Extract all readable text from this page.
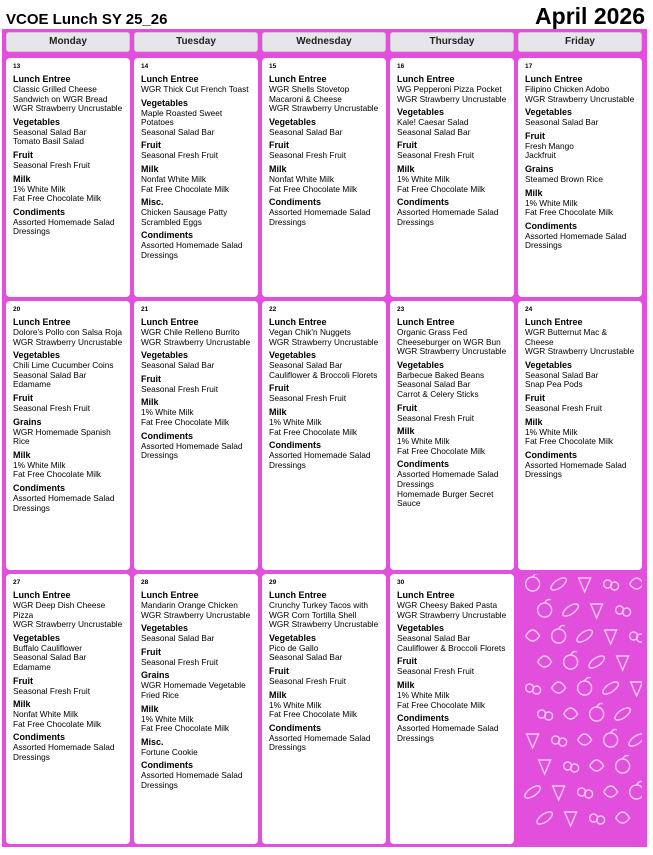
VCOE Lunch SY 25_26	April 2026
Monday	Tuesday	Wednesday	Thursday	Friday
13
Lunch Entree
Classic Grilled Cheese Sandwich on WGR Bread
WGR Strawberry Uncrustable
Vegetables
Seasonal Salad Bar
Tomato Basil Salad
Fruit
Seasonal Fresh Fruit
Milk
1% White Milk
Fat Free Chocolate Milk
Condiments
Assorted Homemade Salad Dressings
14
Lunch Entree
WGR Thick Cut French Toast
Vegetables
Maple Roasted Sweet Potatoes
Seasonal Salad Bar
Fruit
Seasonal Fresh Fruit
Milk
Nonfat White Milk
Fat Free Chocolate Milk
Misc.
Chicken Sausage Patty
Scrambled Eggs
Condiments
Assorted Homemade Salad Dressings
15
Lunch Entree
WGR Shells Stovetop Macaroni & Cheese
WGR Strawberry Uncrustable
Vegetables
Seasonal Salad Bar
Fruit
Seasonal Fresh Fruit
Milk
Nonfat White Milk
Fat Free Chocolate Milk
Condiments
Assorted Homemade Salad Dressings
16
Lunch Entree
WG Pepperoni Pizza Pocket
WGR Strawberry Uncrustable
Vegetables
Kale! Caesar Salad
Seasonal Salad Bar
Fruit
Seasonal Fresh Fruit
Milk
1% White Milk
Fat Free Chocolate Milk
Condiments
Assorted Homemade Salad Dressings
17
Lunch Entree
Filipino Chicken Adobo
WGR Strawberry Uncrustable
Vegetables
Seasonal Salad Bar
Fruit
Fresh Mango
Jackfruit
Grains
Steamed Brown Rice
Milk
1% White Milk
Fat Free Chocolate Milk
Condiments
Assorted Homemade Salad Dressings
20
Lunch Entree
Dolore's Pollo con Salsa Roja
WGR Strawberry Uncrustable
Vegetables
Chili Lime Cucumber Coins
Seasonal Salad Bar
Edamame
Fruit
Seasonal Fresh Fruit
Grains
WGR Homemade Spanish Rice
Milk
1% White Milk
Fat Free Chocolate Milk
Condiments
Assorted Homemade Salad Dressings
21
Lunch Entree
WGR Chile Relleno Burrito
WGR Strawberry Uncrustable
Vegetables
Seasonal Salad Bar
Fruit
Seasonal Fresh Fruit
Milk
1% White Milk
Fat Free Chocolate Milk
Condiments
Assorted Homemade Salad Dressings
22
Lunch Entree
Vegan Chik'n Nuggets
WGR Strawberry Uncrustable
Vegetables
Seasonal Salad Bar
Cauliflower & Broccoli Florets
Fruit
Seasonal Fresh Fruit
Milk
1% White Milk
Fat Free Chocolate Milk
Condiments
Assorted Homemade Salad Dressings
23
Lunch Entree
Organic Grass Fed Cheeseburger on WGR Bun
WGR Strawberry Uncrustable
Vegetables
Barbecue Baked Beans
Seasonal Salad Bar
Carrot & Celery Sticks
Fruit
Seasonal Fresh Fruit
Milk
1% White Milk
Fat Free Chocolate Milk
Condiments
Assorted Homemade Salad Dressings
Homemade Burger Secret Sauce
24
Lunch Entree
WGR Butternut Mac & Cheese
WGR Strawberry Uncrustable
Vegetables
Seasonal Salad Bar
Snap Pea Pods
Fruit
Seasonal Fresh Fruit
Milk
1% White Milk
Fat Free Chocolate Milk
Condiments
Assorted Homemade Salad Dressings
27
Lunch Entree
WGR Deep Dish Cheese Pizza
WGR Strawberry Uncrustable
Vegetables
Buffalo Cauliflower
Seasonal Salad Bar
Edamame
Fruit
Seasonal Fresh Fruit
Milk
Nonfat White Milk
Fat Free Chocolate Milk
Condiments
Assorted Homemade Salad Dressings
28
Lunch Entree
Mandarin Orange Chicken
WGR Strawberry Uncrustable
Vegetables
Seasonal Salad Bar
Fruit
Seasonal Fresh Fruit
Grains
WGR Homemade Vegetable Fried Rice
Milk
1% White Milk
Fat Free Chocolate Milk
Misc.
Fortune Cookie
Condiments
Assorted Homemade Salad Dressings
29
Lunch Entree
Crunchy Turkey Tacos with WGR Corn Tortilla Shell
WGR Strawberry Uncrustable
Vegetables
Pico de Gallo
Seasonal Salad Bar
Fruit
Seasonal Fresh Fruit
Milk
1% White Milk
Fat Free Chocolate Milk
Condiments
Assorted Homemade Salad Dressings
30
Lunch Entree
WGR Cheesy Baked Pasta
WGR Strawberry Uncrustable
Vegetables
Seasonal Salad Bar
Cauliflower & Broccoli Florets
Fruit
Seasonal Fresh Fruit
Milk
1% White Milk
Fat Free Chocolate Milk
Condiments
Assorted Homemade Salad Dressings
